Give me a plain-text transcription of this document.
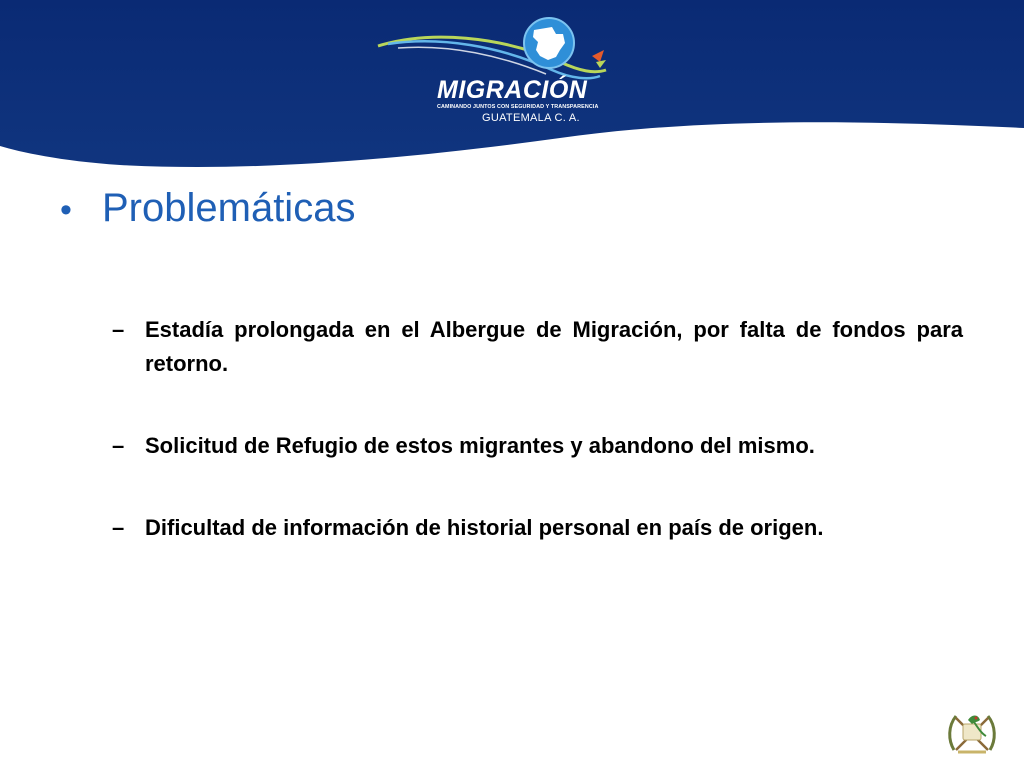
MIGRACIÓN
CAMINANDO JUNTOS CON SEGURIDAD Y TRANSPARENCIA
GUATEMALA C. A.
• Problemáticas
– Estadía prolongada en el Albergue de Migración, por falta de fondos para retorno.
– Solicitud de Refugio de estos migrantes y abandono del mismo.
– Dificultad de información de historial personal en país de origen.
